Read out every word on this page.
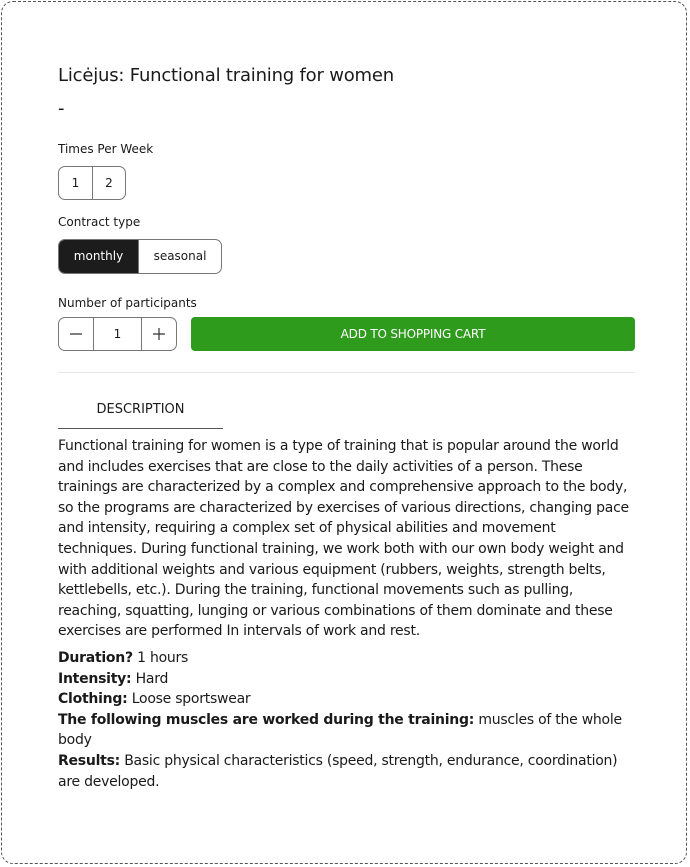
Licėjus: Functional training for women
-
Times Per Week
1	2
Contract type
monthly	seasonal
Number of participants
1	ADD TO SHOPPING CART
DESCRIPTION
Functional training for women is a type of training that is popular around the world and includes exercises that are close to the daily activities of a person. These trainings are characterized by a complex and comprehensive approach to the body, so the programs are characterized by exercises of various directions, changing pace and intensity, requiring a complex set of physical abilities and movement techniques. During functional training, we work both with our own body weight and with additional weights and various equipment (rubbers, weights, strength belts, kettlebells, etc.). During the training, functional movements such as pulling, reaching, squatting, lunging or various combinations of them dominate and these exercises are performed In intervals of work and rest.
Duration? 1 hours
Intensity: Hard
Clothing: Loose sportswear
The following muscles are worked during the training: muscles of the whole body
Results: Basic physical characteristics (speed, strength, endurance, coordination) are developed.
